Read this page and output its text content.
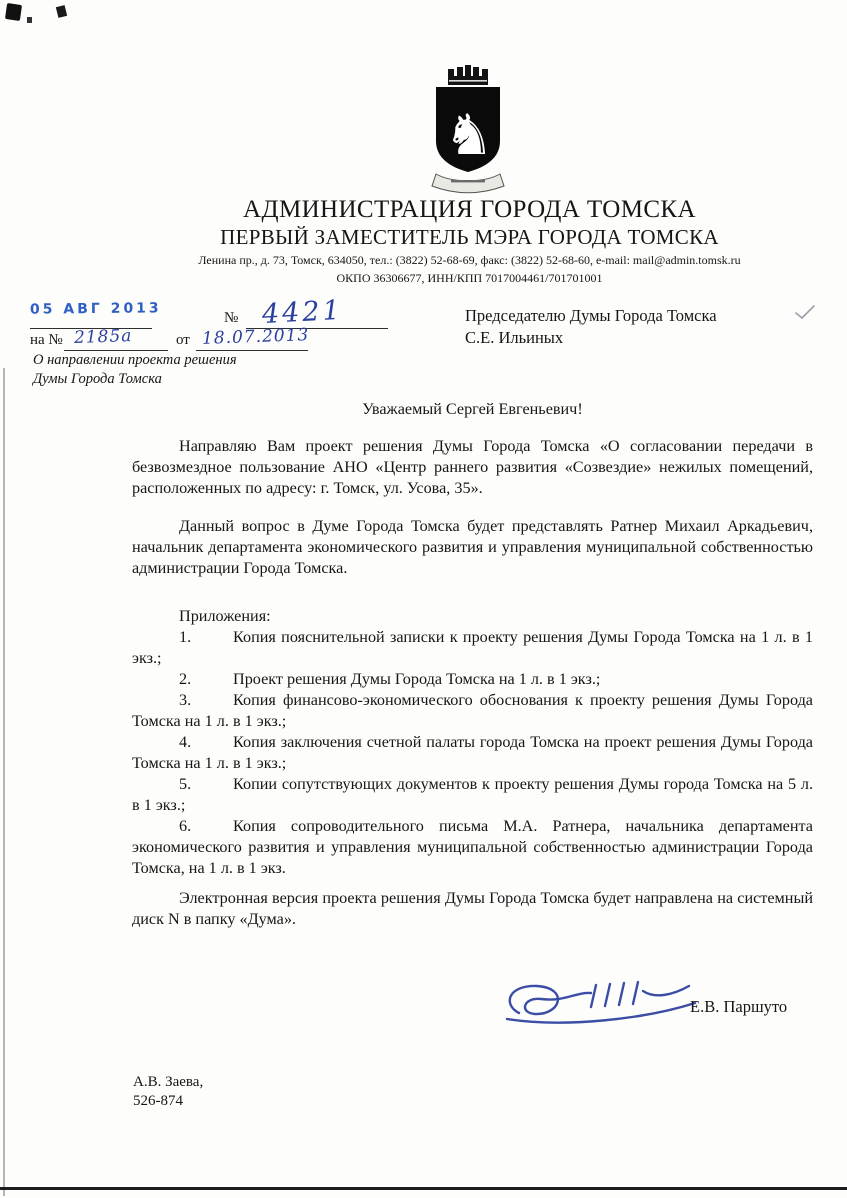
♞
АДМИНИСТРАЦИЯ ГОРОДА ТОМСКА
ПЕРВЫЙ ЗАМЕСТИТЕЛЬ МЭРА ГОРОДА ТОМСКА
Ленина пр., д. 73, Томск, 634050, тел.: (3822) 52-68-69, факс: (3822) 52-68-60, e-mail: mail@admin.tomsk.ru
ОКПО 36306677, ИНН/КПП 7017004461/701701001
05 АВГ 2013
№ 4421
на № 2185а	от 18.07.2013
Председателю Думы Города Томска
С.Е. Ильиных
О направлении проекта решения
Думы Города Томска
Уважаемый Сергей Евгеньевич!

Направляю Вам проект решения Думы Города Томска «О согласовании передачи в безвозмездное пользование АНО «Центр раннего развития «Созвездие» нежилых помещений, расположенных по адресу: г. Томск, ул. Усова, 35».

Данный вопрос в Думе Города Томска будет представлять Ратнер Михаил Аркадьевич, начальник департамента экономического развития и управления муниципальной собственностью администрации Города Томска.

Приложения:

1.	Копия пояснительной записки к проекту решения Думы Города Томска на 1 л. в 1 экз.;

2.	Проект решения Думы Города Томска на 1 л. в 1 экз.;

3.	Копия финансово-экономического обоснования к проекту решения Думы Города Томска на 1 л. в 1 экз.;

4.	Копия заключения счетной палаты города Томска на проект решения Думы Города Томска на 1 л. в 1 экз.;

5.	Копии сопутствующих документов к проекту решения Думы города Томска на 5 л. в 1 экз.;

6.	Копия сопроводительного письма М.А. Ратнера, начальника департамента экономического развития и управления муниципальной собственностью администрации Города Томска, на 1 л. в 1 экз.

Электронная версия проекта решения Думы Города Томска будет направлена на системный диск N в папку «Дума».

Е.В. Паршуто
А.В. Заева,
526-874
